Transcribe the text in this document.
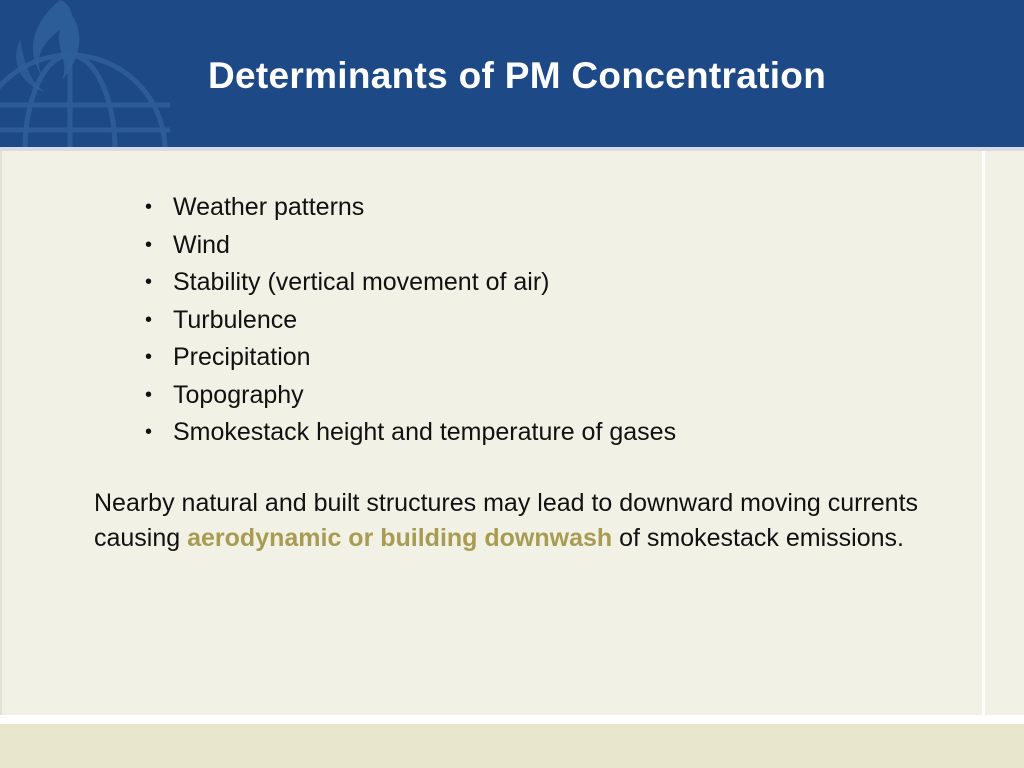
Determinants of PM Concentration
• Weather patterns
• Wind
• Stability (vertical movement of air)
• Turbulence
• Precipitation
• Topography
• Smokestack height and temperature of gases

Nearby natural and built structures may lead to downward moving currents causing aerodynamic or building downwash of smokestack emissions.
